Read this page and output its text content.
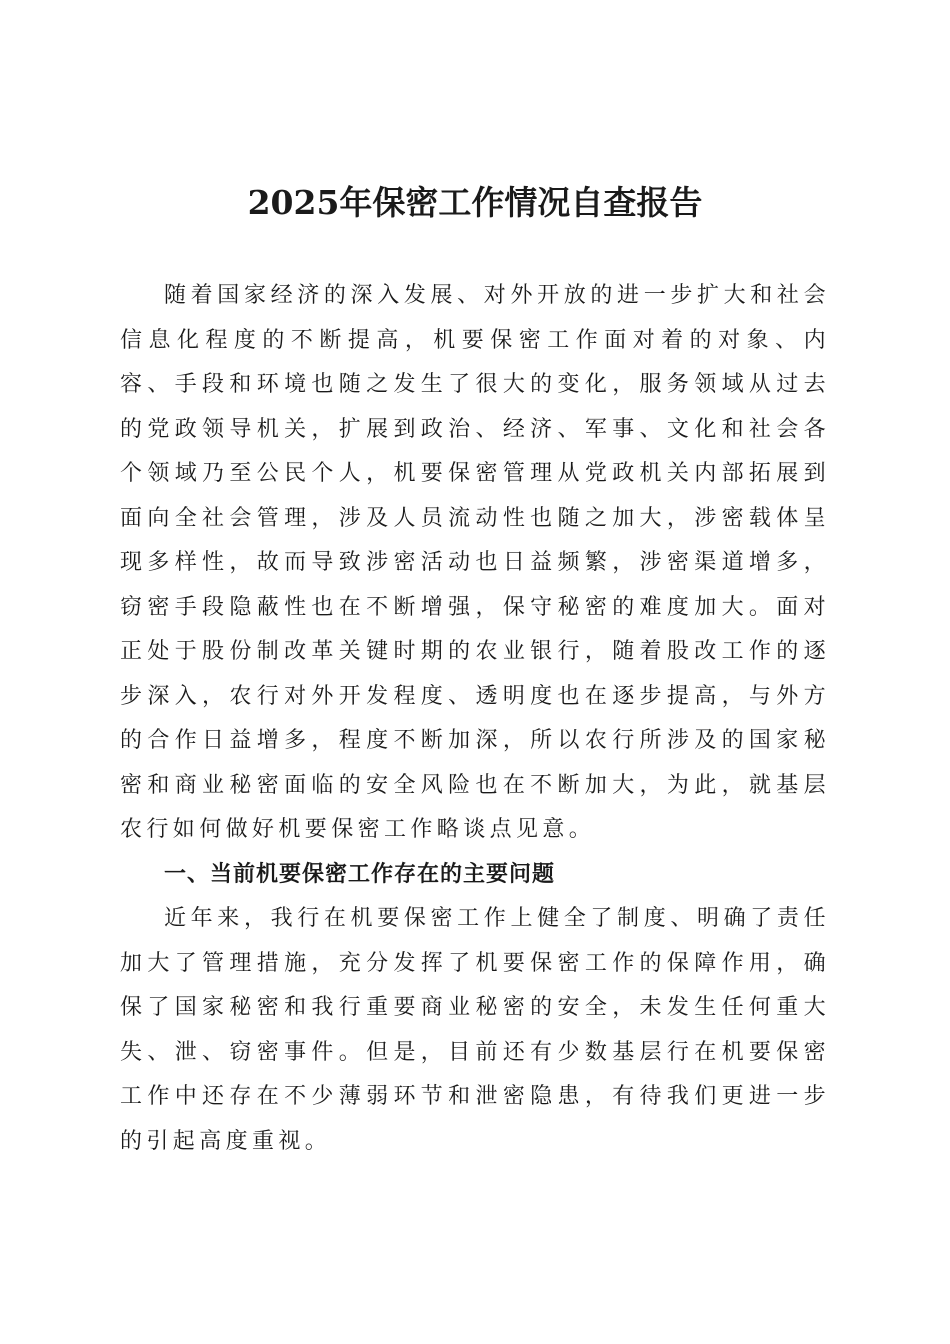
2025年保密工作情况自查报告

随着国家经济的深入发展、对外开放的进一步扩大和社会信息化程度的不断提高，机要保密工作面对着的对象、内容、手段和环境也随之发生了很大的变化，服务领域从过去的党政领导机关，扩展到政治、经济、军事、文化和社会各个领域乃至公民个人，机要保密管理从党政机关内部拓展到面向全社会管理，涉及人员流动性也随之加大，涉密载体呈现多样性，故而导致涉密活动也日益频繁，涉密渠道增多，窃密手段隐蔽性也在不断增强，保守秘密的难度加大。面对正处于股份制改革关键时期的农业银行，随着股改工作的逐步深入，农行对外开发程度、透明度也在逐步提高，与外方的合作日益增多，程度不断加深，所以农行所涉及的国家秘密和商业秘密面临的安全风险也在不断加大，为此，就基层农行如何做好机要保密工作略谈点见意。

一、当前机要保密工作存在的主要问题

近年来，我行在机要保密工作上健全了制度、明确了责任加大了管理措施，充分发挥了机要保密工作的保障作用，确保了国家秘密和我行重要商业秘密的安全，未发生任何重大失、泄、窃密事件。但是，目前还有少数基层行在机要保密工作中还存在不少薄弱环节和泄密隐患，有待我们更进一步的引起高度重视。
